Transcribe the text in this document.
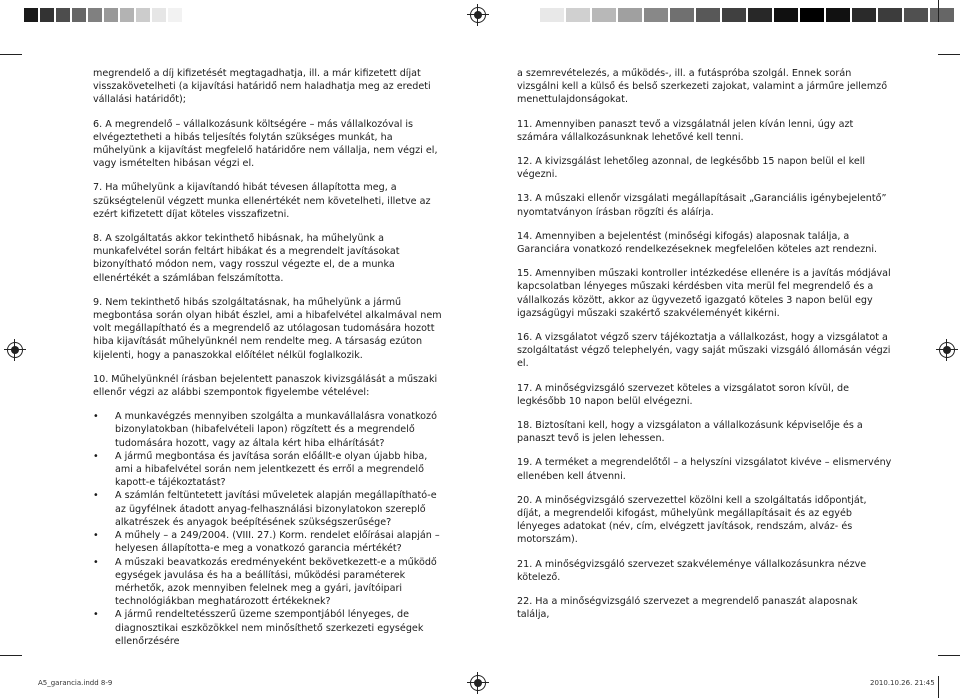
megrendelő a díj kifizetését megtagadhatja, ill. a már kifizetett díjat visszakövetelheti (a kijavítási határidő nem haladhatja meg az eredeti vállalási határidőt);

6. A megrendelő – vállalkozásunk költségére – más vállalkozóval is elvégeztetheti a hibás teljesítés folytán szükséges munkát, ha műhelyünk a kijavítást megfelelő határidőre nem vállalja, nem végzi el, vagy ismételten hibásan végzi el.

7. Ha műhelyünk a kijavítandó hibát tévesen állapította meg, a szükségtelenül végzett munka ellenértékét nem követelheti, illetve az ezért kifizetett díjat köteles visszafizetni.

8. A szolgáltatás akkor tekinthető hibásnak, ha műhelyünk a munkafelvétel során feltárt hibákat és a megrendelt javításokat bizonyítható módon nem, vagy rosszul végezte el, de a munka ellenértékét a számlában felszámította.

9. Nem tekinthető hibás szolgáltatásnak, ha műhelyünk a jármű megbontása során olyan hibát észlel, ami a hibafelvétel alkalmával nem volt megállapítható és a megrendelő az utólagosan tudomására hozott hiba kijavítását műhelyünknél nem rendelte meg. A társaság ezúton kijelenti, hogy a panaszokkal előítélet nélkül foglalkozik.

10. Műhelyünknél írásban bejelentett panaszok kivizsgálását a műszaki ellenőr végzi az alábbi szempontok figyelembe vételével:

• A munkavégzés mennyiben szolgálta a munkavállalásra vonatkozó bizonylatokban (hibafelvételi lapon) rögzített és a megrendelő tudomására hozott, vagy az általa kért hiba elhárítását?
• A jármű megbontása és javítása során előállt-e olyan újabb hiba, ami a hibafelvétel során nem jelentkezett és erről a megrendelő kapott-e tájékoztatást?
• A számlán feltüntetett javítási műveletek alapján megállapítható-e az ügyfélnek átadott anyag-felhasználási bizonylatokon szereplő alkatrészek és anyagok beépítésének szükségszerűsége?
• A műhely – a 249/2004. (VIII. 27.) Korm. rendelet előírásai alapján – helyesen állapította-e meg a vonatkozó garancia mértékét?
• A műszaki beavatkozás eredményeként bekövetkezett-e a működő egységek javulása és ha a beállítási, működési paraméterek mérhetők, azok mennyiben felelnek meg a gyári, javítóipari technológiákban meghatározott értékeknek?
• A jármű rendeltetésszerű üzeme szempontjából lényeges, de diagnosztikai eszközökkel nem minősíthető szerkezeti egységek ellenőrzésére

a szemrevételezés, a működés-, ill. a futáspróba szolgál. Ennek során vizsgálni kell a külső és belső szerkezeti zajokat, valamint a járműre jellemző menettulajdonságokat.

11. Amennyiben panaszt tevő a vizsgálatnál jelen kíván lenni, úgy azt számára vállalkozásunknak lehetővé kell tenni.

12. A kivizsgálást lehetőleg azonnal, de legkésőbb 15 napon belül el kell végezni.

13. A műszaki ellenőr vizsgálati megállapításait „Garanciális igénybejelentő” nyomtatványon írásban rögzíti és aláírja.

14. Amennyiben a bejelentést (minőségi kifogás) alaposnak találja, a Garanciára vonatkozó rendelkezéseknek megfelelően köteles azt rendezni.

15. Amennyiben műszaki kontroller intézkedése ellenére is a javítás módjával kapcsolatban lényeges műszaki kérdésben vita merül fel megrendelő és a vállalkozás között, akkor az ügyvezető igazgató köteles 3 napon belül egy igazságügyi műszaki szakértő szakvéleményét kikérni.

16. A vizsgálatot végző szerv tájékoztatja a vállalkozást, hogy a vizsgálatot a szolgáltatást végző telephelyén, vagy saját műszaki vizsgáló állomásán végzi el.

17. A minőségvizsgáló szervezet köteles a vizsgálatot soron kívül, de legkésőbb 10 napon belül elvégezni.

18. Biztosítani kell, hogy a vizsgálaton a vállalkozásunk képviselője és a panaszt tevő is jelen lehessen.

19. A terméket a megrendelőtől – a helyszíni vizsgálatot kivéve – elismervény ellenében kell átvenni.

20. A minőségvizsgáló szervezettel közölni kell a szolgáltatás időpontját, díját, a megrendelői kifogást, műhelyünk megállapításait és az egyéb lényeges adatokat (név, cím, elvégzett javítások, rendszám, alváz- és motorszám).

21. A minőségvizsgáló szervezet szakvéleménye vállalkozásunkra nézve kötelező.

22. Ha a minőségvizsgáló szervezet a megrendelő panaszát alaposnak találja,

A5_garancia.indd 8-9	2010.10.26. 21:45
